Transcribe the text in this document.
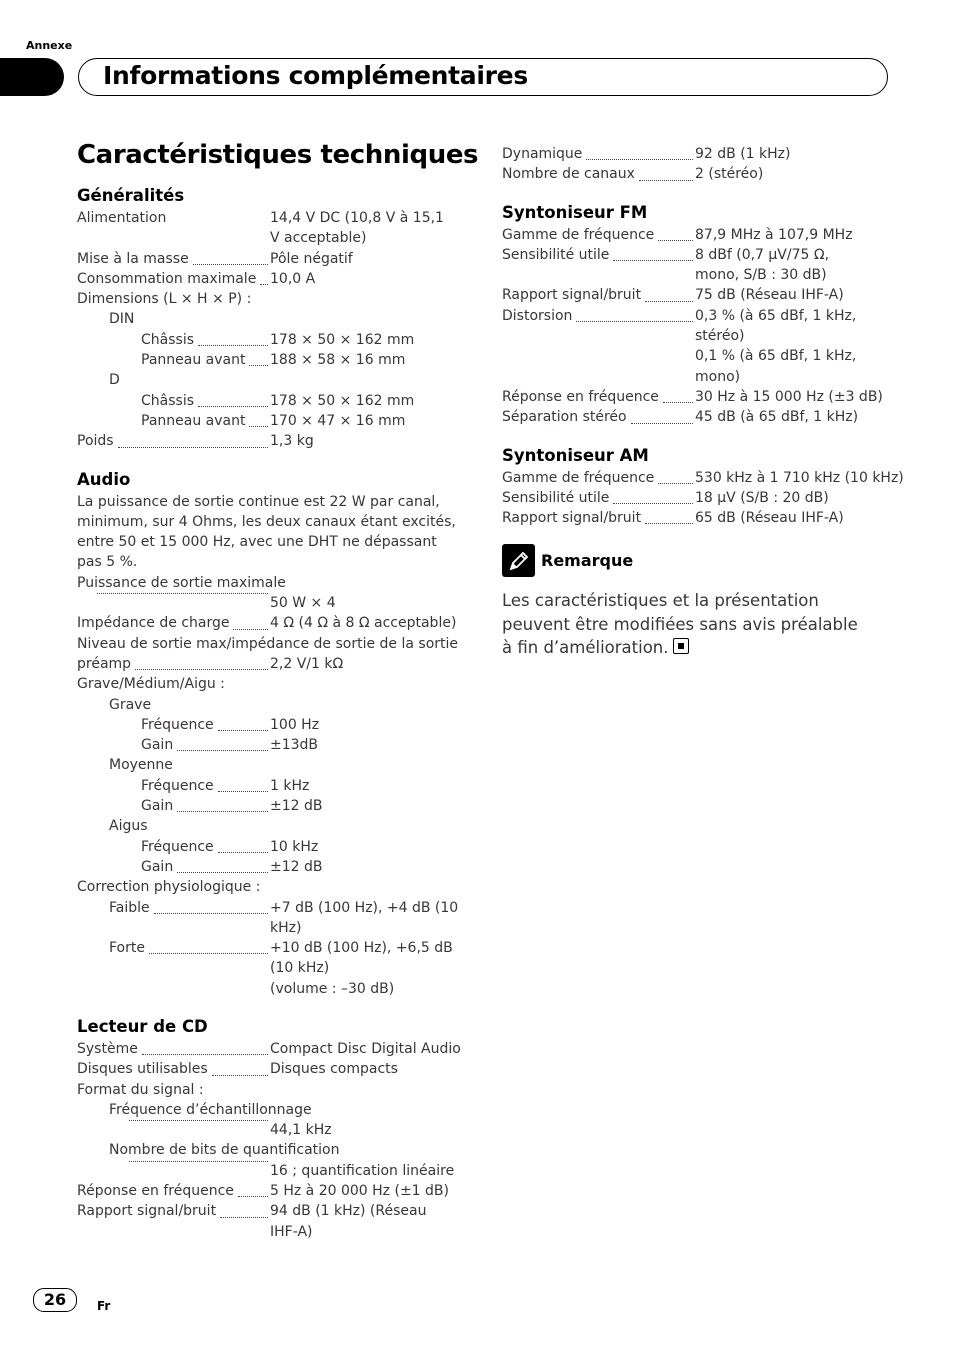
Annexe
Informations complémentaires
Caractéristiques techniques
Généralités
Alimentation	14,4 V DC (10,8 V à 15,1 V acceptable)
Mise à la masse	Pôle négatif
Consommation maximale 10,0 A
Dimensions (L × H × P) :
DIN
Châssis	178 × 50 × 162 mm
Panneau avant 188 × 58 × 16 mm
D
Châssis	178 × 50 × 162 mm
Panneau avant 170 × 47 × 16 mm
Poids	1,3 kg
Audio
La puissance de sortie continue est 22 W par canal, minimum, sur 4 Ohms, les deux canaux étant excités, entre 50 et 15 000 Hz, avec une DHT ne dépassant pas 5 %.
Puissance de sortie maximale
50 W × 4
Impédance de charge	4 Ω (4 Ω à 8 Ω acceptable)
Niveau de sortie max/impédance de sortie de la sortie
préamp	2,2 V/1 kΩ
Grave/Médium/Aigu :
Grave
Fréquence	100 Hz
Gain	±13dB
Moyenne
Fréquence	1 kHz
Gain	±12 dB
Aigus
Fréquence	10 kHz
Gain	±12 dB
Correction physiologique :
Faible	+7 dB (100 Hz), +4 dB (10 kHz)
Forte	+10 dB (100 Hz), +6,5 dB (10 kHz)
(volume : –30 dB)
Lecteur de CD
Système	Compact Disc Digital Audio
Disques utilisables	Disques compacts
Format du signal :
Fréquence d’échantillonnage
44,1 kHz
Nombre de bits de quantification
16 ; quantification linéaire
Réponse en fréquence	5 Hz à 20 000 Hz (±1 dB)
Rapport signal/bruit	94 dB (1 kHz) (Réseau IHF-A)
Dynamique	92 dB (1 kHz)
Nombre de canaux	2 (stéréo)
Syntoniseur FM
Gamme de fréquence	87,9 MHz à 107,9 MHz
Sensibilité utile	8 dBf (0,7 µV/75 Ω, mono, S/B : 30 dB)
Rapport signal/bruit	75 dB (Réseau IHF-A)
Distorsion	0,3 % (à 65 dBf, 1 kHz, stéréo)
0,1 % (à 65 dBf, 1 kHz, mono)
Réponse en fréquence	30 Hz à 15 000 Hz (±3 dB)
Séparation stéréo	45 dB (à 65 dBf, 1 kHz)
Syntoniseur AM
Gamme de fréquence	530 kHz à 1 710 kHz (10 kHz)
Sensibilité utile	18 µV (S/B : 20 dB)
Rapport signal/bruit	65 dB (Réseau IHF-A)
Remarque
Les caractéristiques et la présentation peuvent être modifiées sans avis préalable à fin d’amélioration.
26	Fr
